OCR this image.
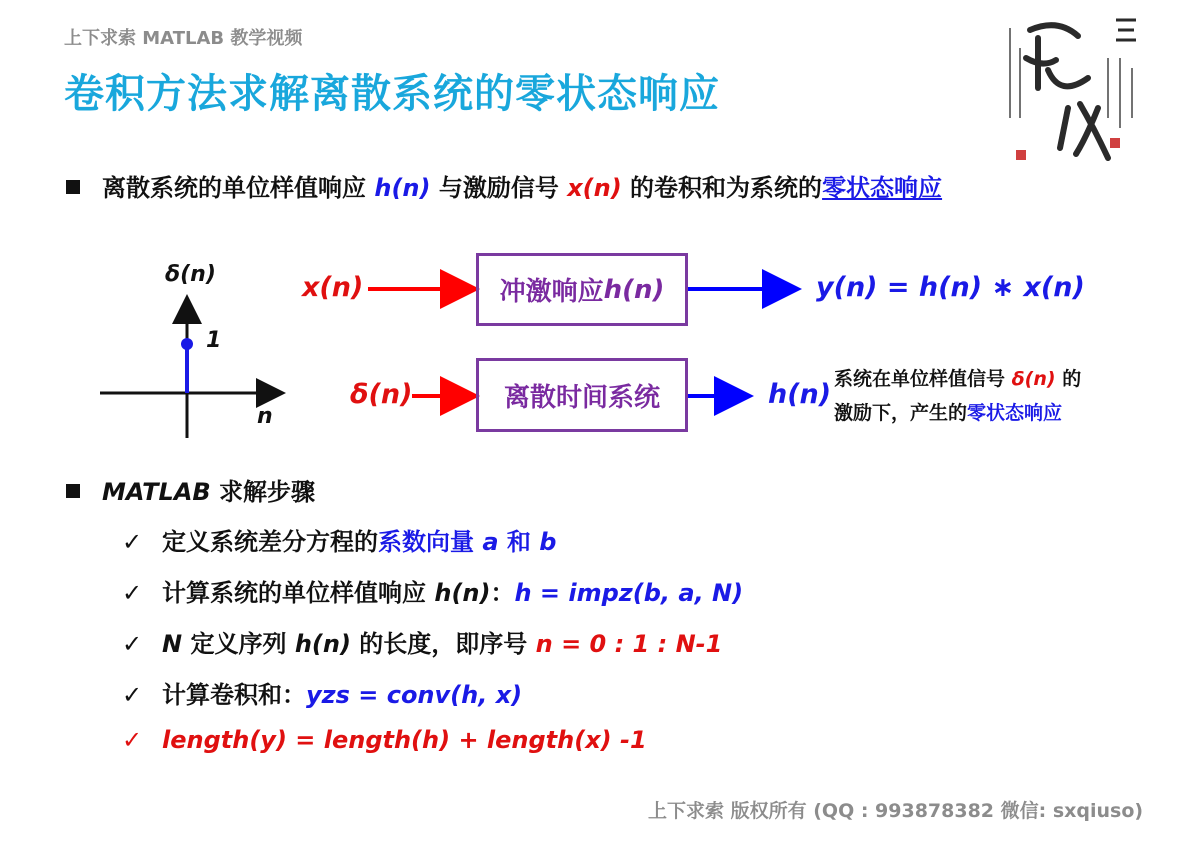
上下求索 MATLAB 教学视频
卷积方法求解离散系统的零状态响应
离散系统的单位样值响应 h(n) 与激励信号 x(n) 的卷积和为系统的零状态响应
δ(n)
1
n
x(n)	冲激响应 h(n)	y(n) = h(n) ∗ x(n)
δ(n)	离散时间系统	h(n) 系统在单位样值信号 δ(n) 的
激励下，产生的零状态响应
MATLAB 求解步骤
✓ 定义系统差分方程的系数向量 a 和 b
✓ 计算系统的单位样值响应 h(n)：h = impz(b, a, N)
✓ N 定义序列 h(n) 的长度，即序号 n = 0 : 1 : N-1
✓ 计算卷积和：yzs = conv(h, x)
✓ length(y) = length(h) + length(x) -1
上下求索 版权所有 (QQ : 993878382 微信: sxqiuso)
